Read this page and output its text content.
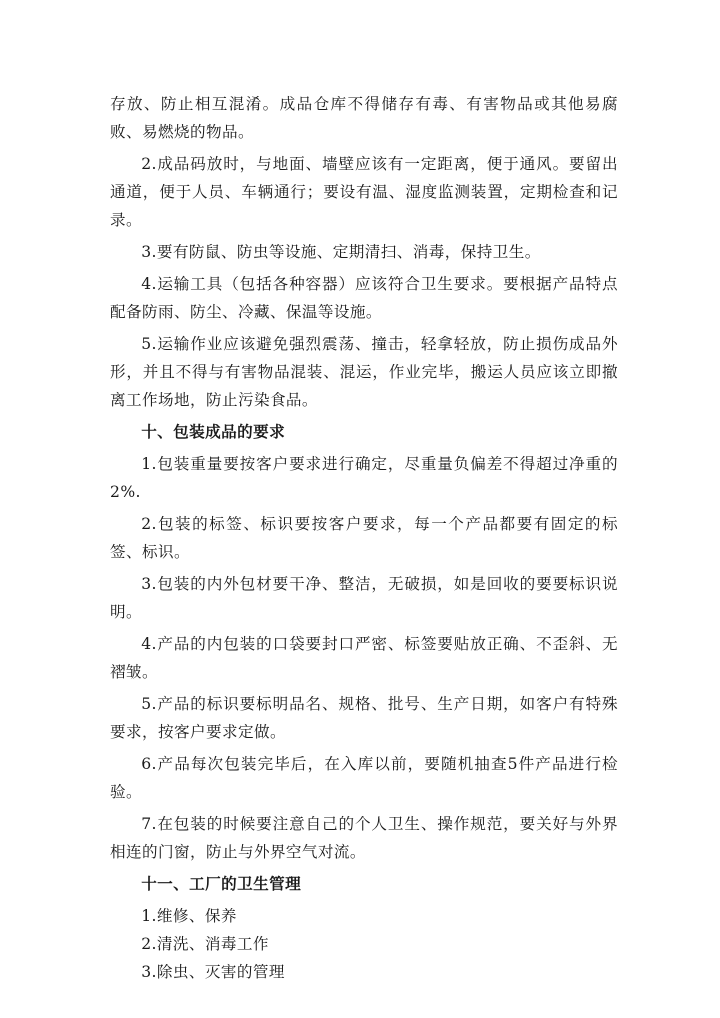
存放、防止相互混淆。成品仓库不得储存有毒、有害物品或其他易腐败、易燃烧的物品。

2.成品码放时，与地面、墙壁应该有一定距离，便于通风。要留出通道，便于人员、车辆通行；要设有温、湿度监测装置，定期检查和记录。

3.要有防鼠、防虫等设施、定期清扫、消毒，保持卫生。

4.运输工具（包括各种容器）应该符合卫生要求。要根据产品特点配备防雨、防尘、冷藏、保温等设施。

5.运输作业应该避免强烈震荡、撞击，轻拿轻放，防止损伤成品外形，并且不得与有害物品混装、混运，作业完毕，搬运人员应该立即撤离工作场地，防止污染食品。

十、包装成品的要求

1.包装重量要按客户要求进行确定，尽重量负偏差不得超过净重的2%.

2.包装的标签、标识要按客户要求，每一个产品都要有固定的标签、标识。

3.包装的内外包材要干净、整洁，无破损，如是回收的要要标识说明。

4.产品的内包装的口袋要封口严密、标签要贴放正确、不歪斜、无褶皱。

5.产品的标识要标明品名、规格、批号、生产日期，如客户有特殊要求，按客户要求定做。

6.产品每次包装完毕后，在入库以前，要随机抽查5件产品进行检验。

7.在包装的时候要注意自己的个人卫生、操作规范，要关好与外界相连的门窗，防止与外界空气对流。

十一、工厂的卫生管理

1.维修、保养

2.清洗、消毒工作

3.除虫、灭害的管理
